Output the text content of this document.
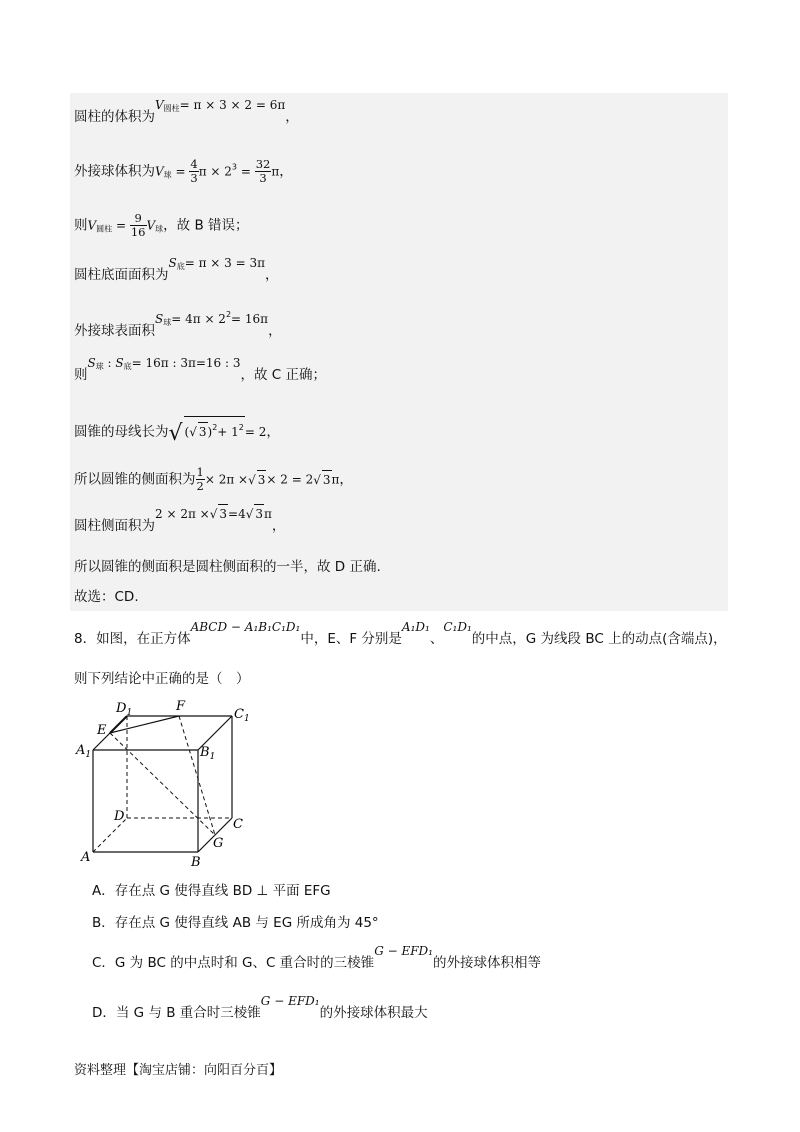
圆柱的体积为$V_{圆柱}= \pi \times 3 \times 2 = 6\pi$，
外接球体积为$V_球 = \frac{4}{3}$ $\pi \times 2^3 = \frac{32}{3}$ π，
则$V_{圆柱} = \frac{9}{16} V_球$，故 B 错误；
圆柱底面面积为$S_底= \pi \times 3 = 3\pi$，
外接球表面积$S_球= 4\pi \times 2^2= 16\pi$，
则$S_球$ : $S_底= 16\pi$ : 3π=16 : 3，故 C 正确；
圆锥的母线长为√ (√ $3)^2+ 1^2= 2$，
所以圆锥的侧面积为 $\frac{1}{2} \times 2\pi$ ×√ 3× 2 = 2√ 3π，
圆柱侧面积为2 × 2π ×√ 3=4√ 3π，
所以圆锥的侧面积是圆柱侧面积的一半，故 D 正确.
故选：CD.
8．如图，在正方体ABCD − A₁B₁C₁D₁中，E、F 分别是A₁D₁、C₁D₁的中点，G 为线段 BC 上的动点(含端点)，
则下列结论中正确的是（　）
$D_1$	F
$C_1$
E
$A_1$	$B_1$
D
C
G
A	B
A．存在点 G 使得直线 BD ⊥ 平面 EFG
B．存在点 G 使得直线 AB 与 EG 所成角为 45°
C．G 为 BC 的中点时和 G、C 重合时的三棱锥G − EFD₁的外接球体积相等
D．当 G 与 B 重合时三棱锥G − EFD₁的外接球体积最大
资料整理【淘宝店铺：向阳百分百】
